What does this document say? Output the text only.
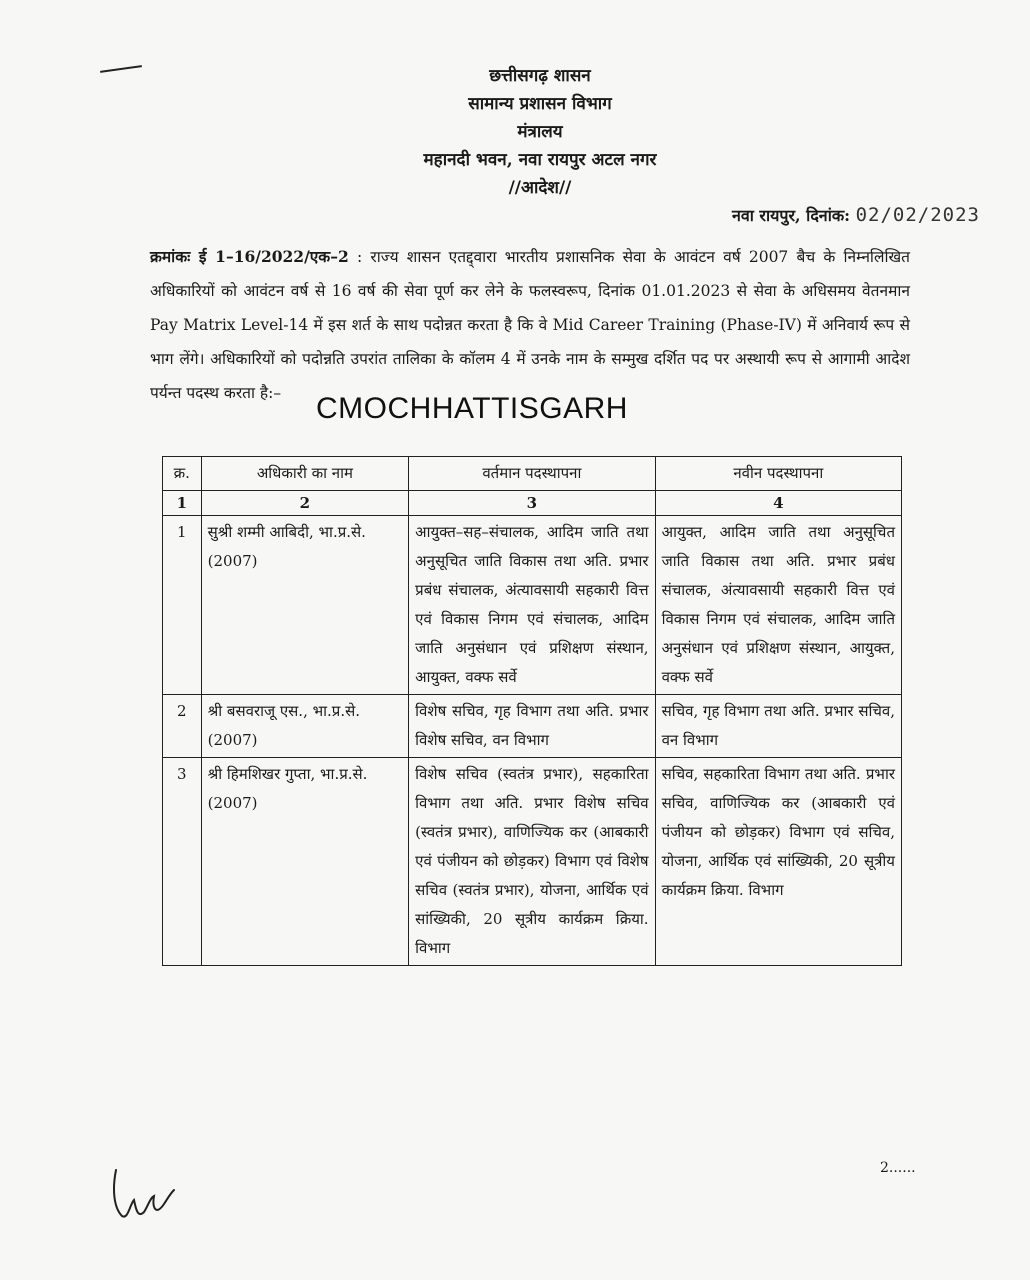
छत्तीसगढ़ शासन
सामान्य प्रशासन विभाग
मंत्रालय
महानदी भवन, नवा रायपुर अटल नगर
//आदेश//
नवा रायपुर, दिनांक: 02/02/2023
क्रमांकः ई 1–16/2022/एक–2 : राज्य शासन एतद्द्वारा भारतीय प्रशासनिक सेवा के आवंटन वर्ष 2007 बैच के निम्नलिखित अधिकारियों को आवंटन वर्ष से 16 वर्ष की सेवा पूर्ण कर लेने के फलस्वरूप, दिनांक 01.01.2023 से सेवा के अधिसमय वेतनमान Pay Matrix Level-14 में इस शर्त के साथ पदोन्नत करता है कि वे Mid Career Training (Phase-IV) में अनिवार्य रूप से भाग लेंगे। अधिकारियों को पदोन्नति उपरांत तालिका के कॉलम 4 में उनके नाम के सम्मुख दर्शित पद पर अस्थायी रूप से आगामी आदेश पर्यन्त पदस्थ करता है:–	CMOCHHATTISGARH
क्र.	अधिकारी का नाम	वर्तमान पदस्थापना	नवीन पदस्थापना
1	2	3	4
1	सुश्री शम्मी आबिदी, भा.प्र.से. (2007)	आयुक्त–सह–संचालक, आदिम जाति तथा अनुसूचित जाति विकास तथा अति. प्रभार प्रबंध संचालक, अंत्यावसायी सहकारी वित्त एवं विकास निगम एवं संचालक, आदिम जाति अनुसंधान एवं प्रशिक्षण संस्थान, आयुक्त, वक्फ सर्वे	आयुक्त, आदिम जाति तथा अनुसूचित जाति विकास तथा अति. प्रभार प्रबंध संचालक, अंत्यावसायी सहकारी वित्त एवं विकास निगम एवं संचालक, आदिम जाति अनुसंधान एवं प्रशिक्षण संस्थान, आयुक्त, वक्फ सर्वे
2	श्री बसवराजू एस., भा.प्र.से. (2007)	विशेष सचिव, गृह विभाग तथा अति. प्रभार विशेष सचिव, वन विभाग	सचिव, गृह विभाग तथा अति. प्रभार सचिव, वन विभाग
3	श्री हिमशिखर गुप्ता, भा.प्र.से. (2007)	विशेष सचिव (स्वतंत्र प्रभार), सहकारिता विभाग तथा अति. प्रभार विशेष सचिव (स्वतंत्र प्रभार), वाणिज्यिक कर (आबकारी एवं पंजीयन को छोड़कर) विभाग एवं विशेष सचिव (स्वतंत्र प्रभार), योजना, आर्थिक एवं सांख्यिकी, 20 सूत्रीय कार्यक्रम क्रिया. विभाग	सचिव, सहकारिता विभाग तथा अति. प्रभार सचिव, वाणिज्यिक कर (आबकारी एवं पंजीयन को छोड़कर) विभाग एवं सचिव, योजना, आर्थिक एवं सांख्यिकी, 20 सूत्रीय कार्यक्रम क्रिया. विभाग
2......
